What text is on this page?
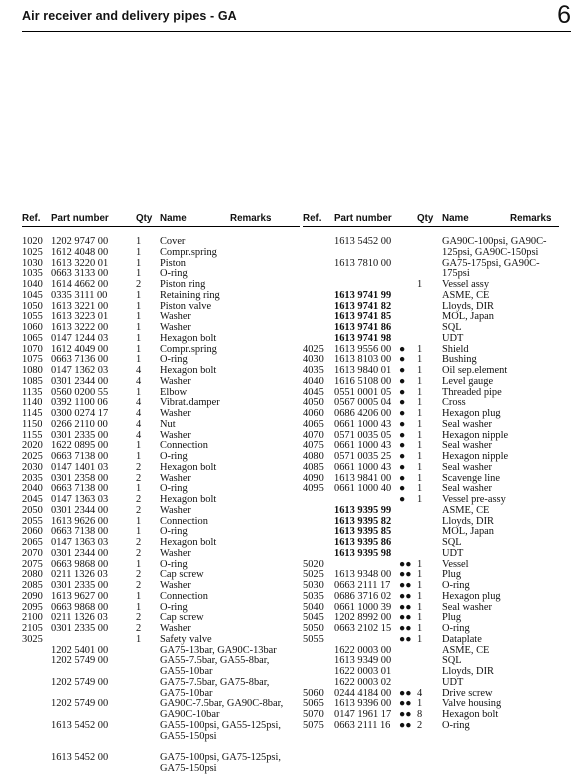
Air receiver and delivery pipes - GA	6
Ref. Part number	Qty Name	Remarks
1020 1202 9747 00	1 Cover
1025 1612 4048 00	1 Compr.spring
1030 1613 3220 01	1 Piston
1035 0663 3133 00	1 O-ring
1040 1614 4662 00	2 Piston ring
1045 0335 3111 00	1 Retaining ring
1050 1613 3221 00	1 Piston valve
1055 1613 3223 01	1 Washer
1060 1613 3222 00	1 Washer
1065 0147 1244 03	1 Hexagon bolt
1070 1612 4049 00	1 Compr.spring
1075 0663 7136 00	1 O-ring
1080 0147 1362 03	4 Hexagon bolt
1085 0301 2344 00	4 Washer
1135 0560 0200 55	1 Elbow
1140 0392 1100 06	4 Vibrat.damper
1145 0300 0274 17	4 Washer
1150 0266 2110 00	4 Nut
1155 0301 2335 00	4 Washer
2020 1622 0895 00	1 Connection
2025 0663 7138 00	1 O-ring
2030 0147 1401 03	2 Hexagon bolt
2035 0301 2358 00	2 Washer
2040 0663 7138 00	1 O-ring
2045 0147 1363 03	2 Hexagon bolt
2050 0301 2344 00	2 Washer
2055 1613 9626 00	1 Connection
2060 0663 7138 00	1 O-ring
2065 0147 1363 03	2 Hexagon bolt
2070 0301 2344 00	2 Washer
2075 0663 9868 00	1 O-ring
2080 0211 1326 03	2 Cap screw
2085 0301 2335 00	2 Washer
2090 1613 9627 00	1 Connection
2095 0663 9868 00	1 O-ring
2100 0211 1326 03	2 Cap screw
2105 0301 2335 00	2 Washer
3025	1 Safety valve
1202 5401 00	GA75-13bar, GA90C-13bar
1202 5749 00	GA55-7.5bar, GA55-8bar,
GA55-10bar
1202 5749 00	GA75-7.5bar, GA75-8bar,
GA75-10bar
1202 5749 00	GA90C-7.5bar, GA90C-8bar,
GA90C-10bar
1613 5452 00	GA55-100psi, GA55-125psi,
GA55-150psi
1613 5452 00	GA75-100psi, GA75-125psi,
GA75-150psi
Ref. Part number	Qty Name	Remarks
1613 5452 00	GA90C-100psi, GA90C-
125psi, GA90C-150psi
1613 7810 00	GA75-175psi, GA90C-
175psi
1 Vessel assy
1613 9741 99	ASME, CE
1613 9741 82	Lloyds, DIR
1613 9741 85	MOL, Japan
1613 9741 86	SQL
1613 9741 98	UDT
4025 1613 9556 00 ● 1 Shield
4030 1613 8103 00 ● 1 Bushing
4035 1613 9840 01 ● 1 Oil sep.element
4040 1616 5108 00 ● 1 Level gauge
4045 0551 0001 05 ● 1 Threaded pipe
4050 0567 0005 04 ● 1 Cross
4060 0686 4206 00 ● 1 Hexagon plug
4065 0661 1000 43 ● 1 Seal washer
4070 0571 0035 05 ● 1 Hexagon nipple
4075 0661 1000 43 ● 1 Seal washer
4080 0571 0035 25 ● 1 Hexagon nipple
4085 0661 1000 43 ● 1 Seal washer
4090 1613 9841 00 ● 1 Scavenge line
4095 0661 1000 40 ● 1 Seal washer
● 1 Vessel pre-assy
1613 9395 99	ASME, CE
1613 9395 82	Lloyds, DIR
1613 9395 85	MOL, Japan
1613 9395 86	SQL
1613 9395 98	UDT
5020	●● 1 Vessel
5025 1613 9348 00 ●● 1 Plug
5030 0663 2111 17 ●● 1 O-ring
5035 0686 3716 02 ●● 1 Hexagon plug
5040 0661 1000 39 ●● 1 Seal washer
5045 1202 8992 00 ●● 1 Plug
5050 0663 2102 15 ●● 1 O-ring
5055	●● 1 Dataplate
1622 0003 00	ASME, CE
1613 9349 00	SQL
1622 0003 01	Lloyds, DIR
1622 0003 02	UDT
5060 0244 4184 00 ●● 4 Drive screw
5065 1613 9396 00 ●● 1 Valve housing
5070 0147 1961 17 ●● 8 Hexagon bolt
5075 0663 2111 16 ●● 2 O-ring
